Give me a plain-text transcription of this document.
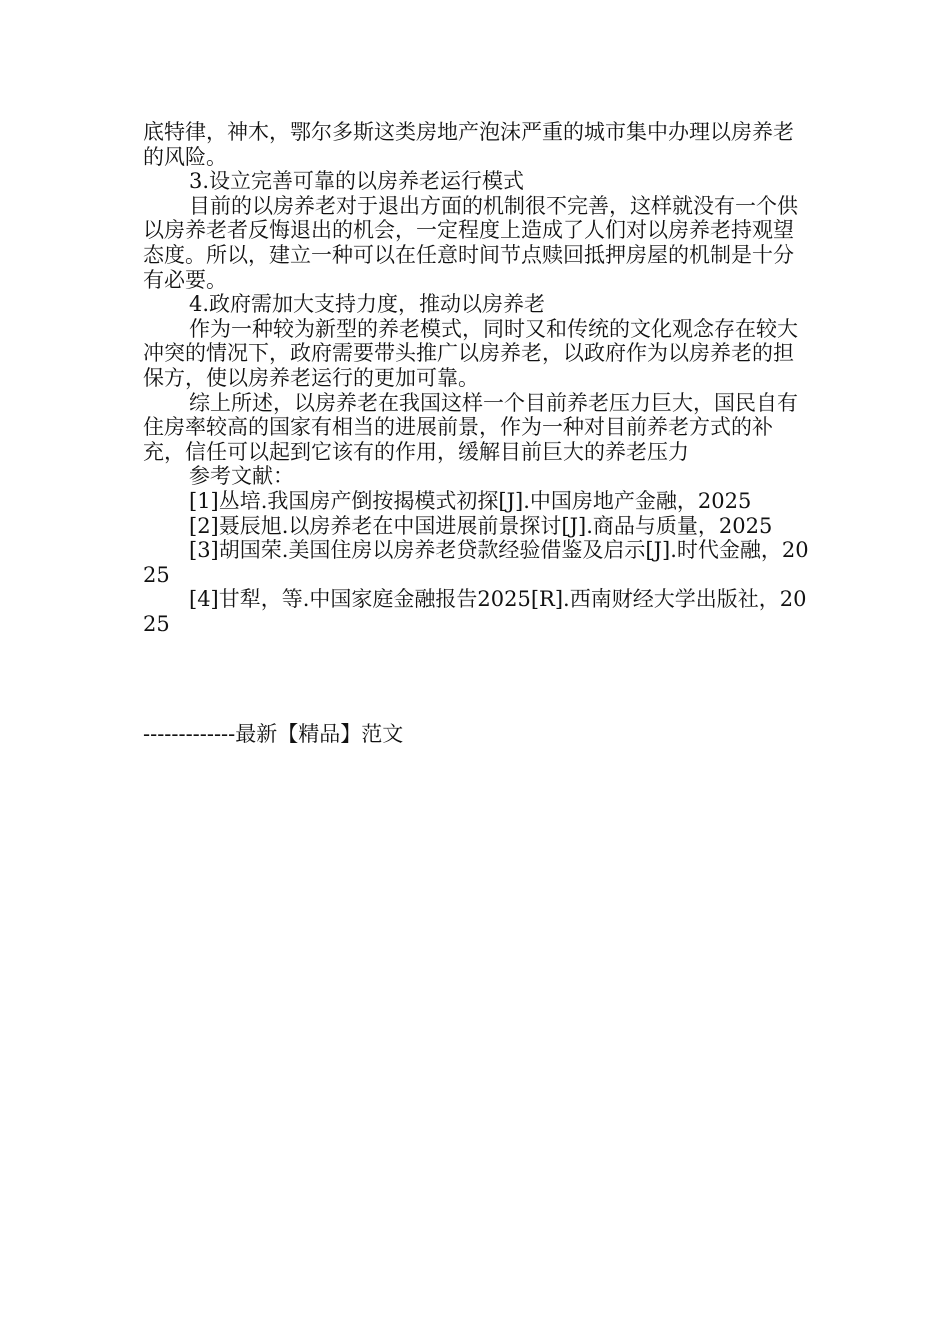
底特律，神木，鄂尔多斯这类房地产泡沫严重的城市集中办理以房养老的风险。

3.设立完善可靠的以房养老运行模式

目前的以房养老对于退出方面的机制很不完善，这样就没有一个供以房养老者反悔退出的机会，一定程度上造成了人们对以房养老持观望态度。所以，建立一种可以在任意时间节点赎回抵押房屋的机制是十分有必要。

4.政府需加大支持力度，推动以房养老

作为一种较为新型的养老模式，同时又和传统的文化观念存在较大冲突的情况下，政府需要带头推广以房养老，以政府作为以房养老的担保方，使以房养老运行的更加可靠。

综上所述，以房养老在我国这样一个目前养老压力巨大，国民自有住房率较高的国家有相当的进展前景，作为一种对目前养老方式的补充，信任可以起到它该有的作用，缓解目前巨大的养老压力

参考文献：

[1]丛培.我国房产倒按揭模式初探[J].中国房地产金融，2025

[2]聂辰旭.以房养老在中国进展前景探讨[J].商品与质量，2025

[3]胡国荣.美国住房以房养老贷款经验借鉴及启示[J].时代金融，2025

[4]甘犁，等.中国家庭金融报告2025[R].西南财经大学出版社，2025

-------------最新【精品】范文
